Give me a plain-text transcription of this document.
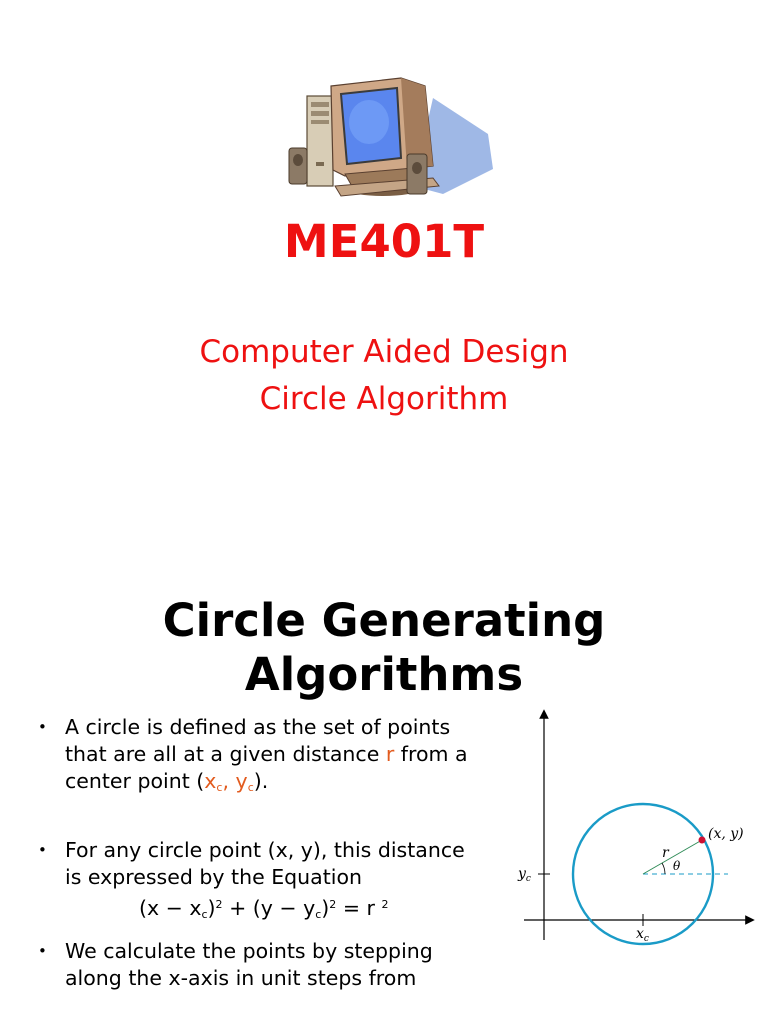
ME401T
Computer Aided Design
Circle Algorithm
Circle Generating
Algorithms
• A circle is defined as the set of points that are all at a given distance r from a center point ($x_c$, $y_c$).
• For any circle point (x, y), this distance is expressed by the Equation
$(x - x_c)^2 + (y - y_c)^2 = r$ $^2$
• We calculate the points by stepping along the x-axis in unit steps from
(x, y)
r
θ
$y_c$
$x_c$
